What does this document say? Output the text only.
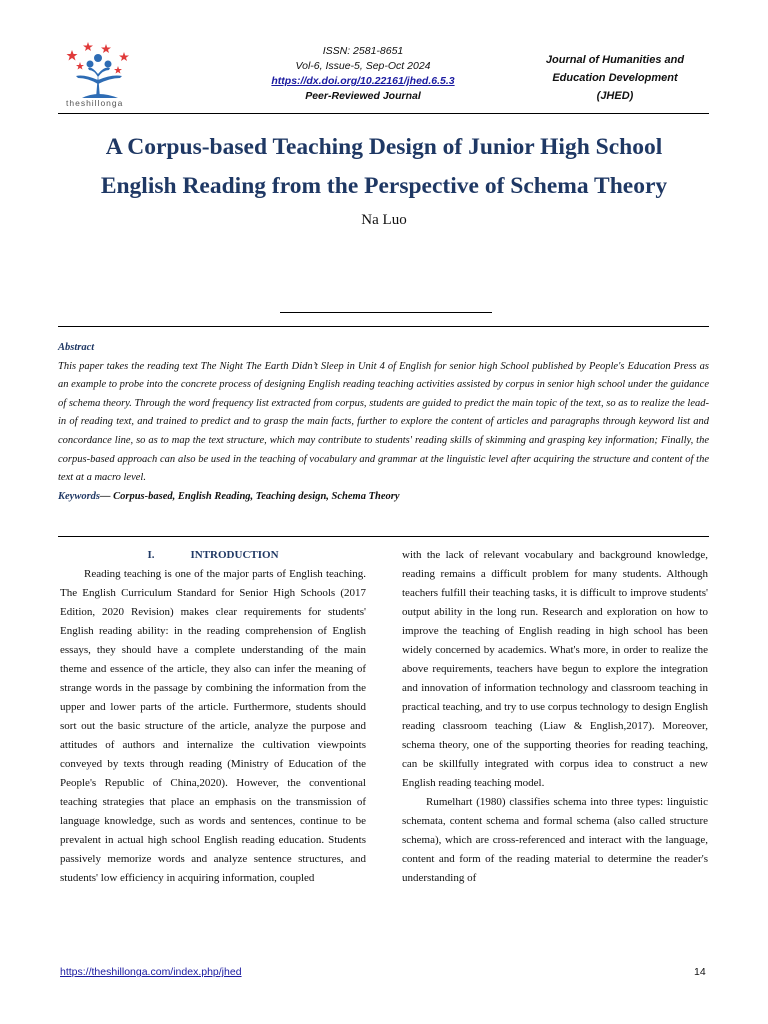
theshillonga
ISSN: 2581-8651
Vol-6, Issue-5, Sep-Oct 2024
https://dx.doi.org/10.22161/jhed.6.5.3
Peer-Reviewed Journal
Journal of Humanities and
Education Development
(JHED)
A Corpus-based Teaching Design of Junior High School
English Reading from the Perspective of Schema Theory
Na Luo
Abstract
This paper takes the reading text The Night The Earth Didn’t Sleep in Unit 4 of English for senior high School published by People's Education Press as an example to probe into the concrete process of designing English reading teaching activities assisted by corpus in senior high school under the guidance of schema theory. Through the word frequency list extracted from corpus, students are guided to predict the main topic of the text, so as to realize the lead-in of reading text, and trained to predict and to grasp the main facts, further to explore the content of articles and paragraphs through keyword list and concordance line, so as to map the text structure, which may contribute to students' reading skills of skimming and grasping key information; Finally, the corpus-based approach can also be used in the teaching of vocabulary and grammar at the linguistic level after acquiring the structure and content of the text at a macro level.
Keywords— Corpus-based, English Reading, Teaching design, Schema Theory
I.	INTRODUCTION

Reading teaching is one of the major parts of English teaching. The English Curriculum Standard for Senior High Schools (2017 Edition, 2020 Revision) makes clear requirements for students' English reading ability: in the reading comprehension of English essays, they should have a complete understanding of the main theme and essence of the article, they also can infer the meaning of strange words in the passage by combining the information from the upper and lower parts of the article. Furthermore, students should sort out the basic structure of the article, analyze the purpose and attitudes of authors and internalize the cultivation viewpoints conveyed by texts through reading (Ministry of Education of the People's Republic of China,2020). However, the conventional teaching strategies that place an emphasis on the transmission of language knowledge, such as words and sentences, continue to be prevalent in actual high school English reading education. Students passively memorize words and analyze sentence structures, and students' low efficiency in acquiring information, coupled

with the lack of relevant vocabulary and background knowledge, reading remains a difficult problem for many students. Although teachers fulfill their teaching tasks, it is difficult to improve students' output ability in the long run. Research and exploration on how to improve the teaching of English reading in high school has been widely concerned by academics. What's more, in order to realize the above requirements, teachers have begun to explore the integration and innovation of information technology and classroom teaching in practical teaching, and try to use corpus technology to design English reading classroom teaching (Liaw & English,2017). Moreover, schema theory, one of the supporting theories for reading teaching, can be skillfully integrated with corpus idea to construct a new English reading teaching model.

Rumelhart (1980) classifies schema into three types: linguistic schemata, content schema and formal schema (also called structure schema), which are cross-referenced and interact with the language, content and form of the reading material to determine the reader's understanding of

https://theshillonga.com/index.php/jhed	14
